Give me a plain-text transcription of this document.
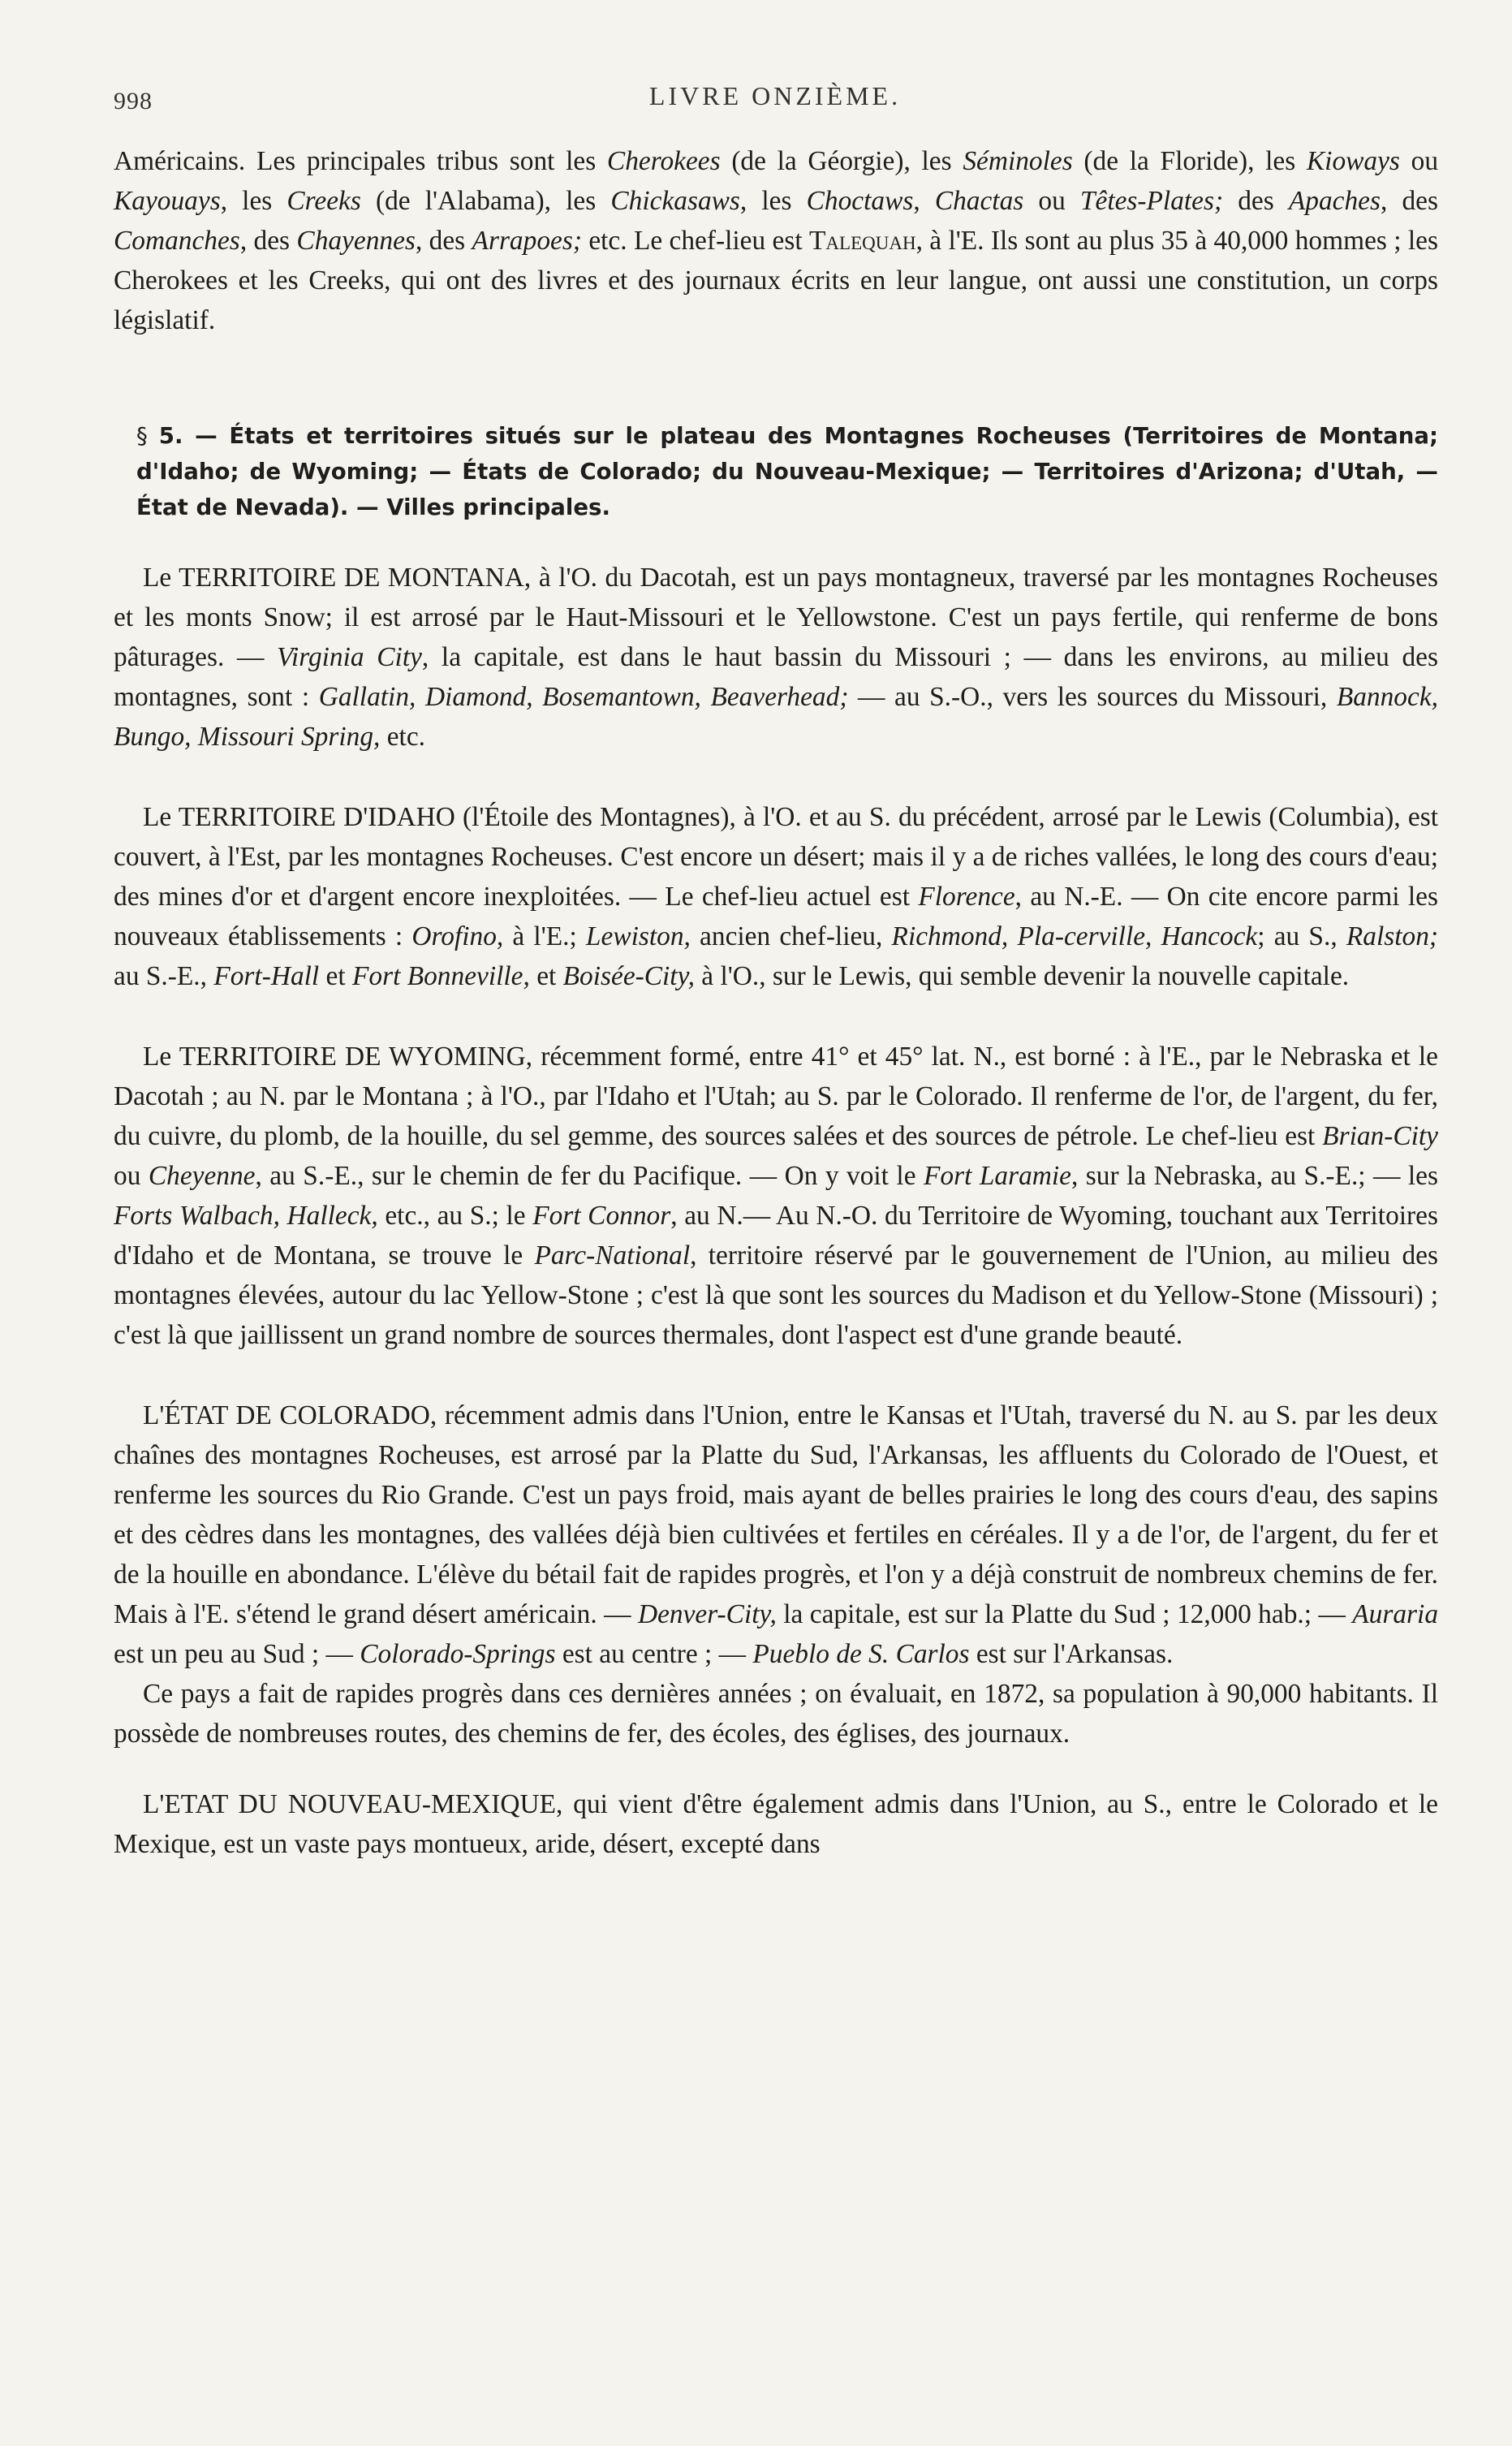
998	LIVRE ONZIÈME.

Américains. Les principales tribus sont les Cherokees (de la Géorgie), les Séminoles (de la Floride), les Kioways ou Kayouays, les Creeks (de l'Alabama), les Chickasaws, les Choctaws, Chactas ou Têtes-Plates; des Apaches, des Comanches, des Chayennes, des Arrapoes; etc. Le chef-lieu est Talequah, à l'E. Ils sont au plus 35 à 40,000 hommes ; les Cherokees et les Creeks, qui ont des livres et des journaux écrits en leur langue, ont aussi une constitution, un corps législatif.

§ 5. — États et territoires situés sur le plateau des Montagnes Rocheuses (Territoires de Montana; d'Idaho; de Wyoming; — États de Colorado; du Nouveau-Mexique; — Territoires d'Arizona; d'Utah, — État de Nevada). — Villes principales.

Le TERRITOIRE DE MONTANA, à l'O. du Dacotah, est un pays montagneux, traversé par les montagnes Rocheuses et les monts Snow; il est arrosé par le Haut-Missouri et le Yellowstone. C'est un pays fertile, qui renferme de bons pâturages. — Virginia City, la capitale, est dans le haut bassin du Missouri ; — dans les environs, au milieu des montagnes, sont : Gallatin, Diamond, Bosemantown, Beaverhead; — au S.-O., vers les sources du Missouri, Bannock, Bungo, Missouri Spring, etc.

Le TERRITOIRE D'IDAHO (l'Étoile des Montagnes), à l'O. et au S. du précédent, arrosé par le Lewis (Columbia), est couvert, à l'Est, par les montagnes Rocheuses. C'est encore un désert; mais il y a de riches vallées, le long des cours d'eau; des mines d'or et d'argent encore inexploitées. — Le chef-lieu actuel est Florence, au N.-E. — On cite encore parmi les nouveaux établissements : Orofino, à l'E.; Lewiston, ancien chef-lieu, Richmond, Pla-cerville, Hancock; au S., Ralston; au S.-E., Fort-Hall et Fort Bonneville, et Boisée-City, à l'O., sur le Lewis, qui semble devenir la nouvelle capitale.

Le TERRITOIRE DE WYOMING, récemment formé, entre 41° et 45° lat. N., est borné : à l'E., par le Nebraska et le Dacotah ; au N. par le Montana ; à l'O., par l'Idaho et l'Utah; au S. par le Colorado. Il renferme de l'or, de l'argent, du fer, du cuivre, du plomb, de la houille, du sel gemme, des sources salées et des sources de pétrole. Le chef-lieu est Brian-City ou Cheyenne, au S.-E., sur le chemin de fer du Pacifique. — On y voit le Fort Laramie, sur la Nebraska, au S.-E.; — les Forts Walbach, Halleck, etc., au S.; le Fort Connor, au N.— Au N.-O. du Territoire de Wyoming, touchant aux Territoires d'Idaho et de Montana, se trouve le Parc-National, territoire réservé par le gouvernement de l'Union, au milieu des montagnes élevées, autour du lac Yellow-Stone ; c'est là que sont les sources du Madison et du Yellow-Stone (Missouri) ; c'est là que jaillissent un grand nombre de sources thermales, dont l'aspect est d'une grande beauté.

L'ÉTAT DE COLORADO, récemment admis dans l'Union, entre le Kansas et l'Utah, traversé du N. au S. par les deux chaînes des montagnes Rocheuses, est arrosé par la Platte du Sud, l'Arkansas, les affluents du Colorado de l'Ouest, et renferme les sources du Rio Grande. C'est un pays froid, mais ayant de belles prairies le long des cours d'eau, des sapins et des cèdres dans les montagnes, des vallées déjà bien cultivées et fertiles en céréales. Il y a de l'or, de l'argent, du fer et de la houille en abondance. L'élève du bétail fait de rapides progrès, et l'on y a déjà construit de nombreux chemins de fer. Mais à l'E. s'étend le grand désert américain. — Denver-City, la capitale, est sur la Platte du Sud ; 12,000 hab.; — Auraria est un peu au Sud ; — Colorado-Springs est au centre ; — Pueblo de S. Carlos est sur l'Arkansas.

Ce pays a fait de rapides progrès dans ces dernières années ; on évaluait, en 1872, sa population à 90,000 habitants. Il possède de nombreuses routes, des chemins de fer, des écoles, des églises, des journaux.

L'ETAT DU NOUVEAU-MEXIQUE, qui vient d'être également admis dans l'Union, au S., entre le Colorado et le Mexique, est un vaste pays montueux, aride, désert, excepté dans
